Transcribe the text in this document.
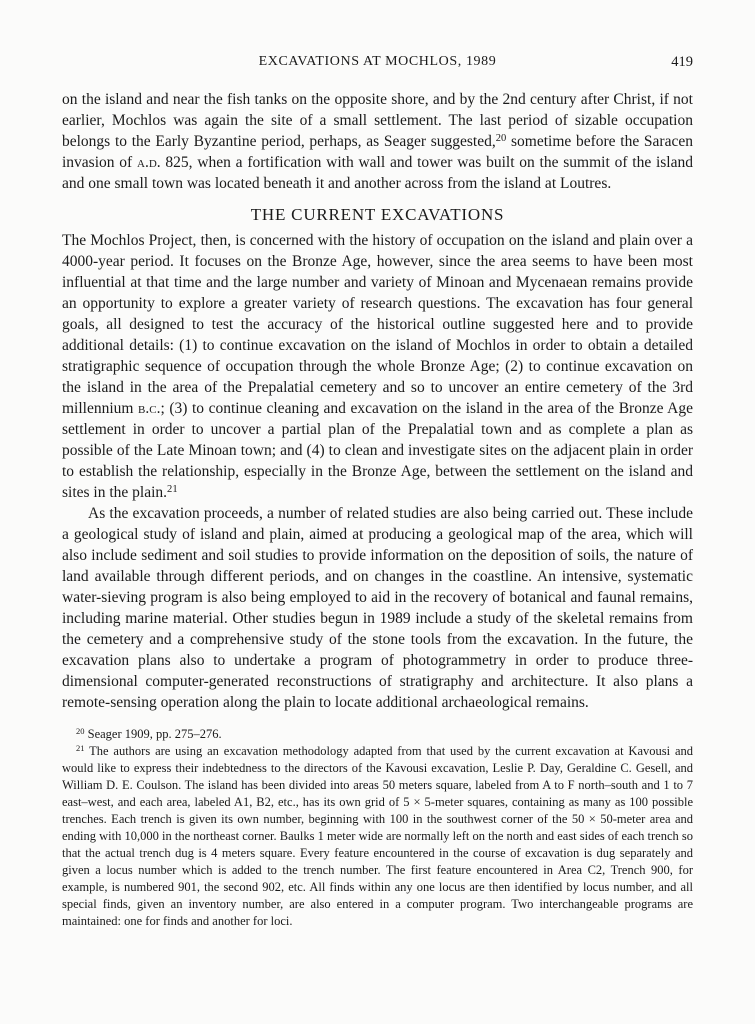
EXCAVATIONS AT MOCHLOS, 1989	419

on the island and near the fish tanks on the opposite shore, and by the 2nd century after Christ, if not earlier, Mochlos was again the site of a small settlement. The last period of sizable occupation belongs to the Early Byzantine period, perhaps, as Seager suggested,$^{20}$ sometime before the Saracen invasion of a.d. 825, when a fortification with wall and tower was built on the summit of the island and one small town was located beneath it and another across from the island at Loutres.

THE CURRENT EXCAVATIONS

The Mochlos Project, then, is concerned with the history of occupation on the island and plain over a 4000-year period. It focuses on the Bronze Age, however, since the area seems to have been most influential at that time and the large number and variety of Minoan and Mycenaean remains provide an opportunity to explore a greater variety of research questions. The excavation has four general goals, all designed to test the accuracy of the historical outline suggested here and to provide additional details: (1) to continue excavation on the island of Mochlos in order to obtain a detailed stratigraphic sequence of occupation through the whole Bronze Age; (2) to continue excavation on the island in the area of the Prepalatial cemetery and so to uncover an entire cemetery of the 3rd millennium b.c.; (3) to continue cleaning and excavation on the island in the area of the Bronze Age settlement in order to uncover a partial plan of the Prepalatial town and as complete a plan as possible of the Late Minoan town; and (4) to clean and investigate sites on the adjacent plain in order to establish the relationship, especially in the Bronze Age, between the settlement on the island and sites in the plain.$^{21}$

As the excavation proceeds, a number of related studies are also being carried out. These include a geological study of island and plain, aimed at producing a geological map of the area, which will also include sediment and soil studies to provide information on the deposition of soils, the nature of land available through different periods, and on changes in the coastline. An intensive, systematic water-sieving program is also being employed to aid in the recovery of botanical and faunal remains, including marine material. Other studies begun in 1989 include a study of the skeletal remains from the cemetery and a comprehensive study of the stone tools from the excavation. In the future, the excavation plans also to undertake a program of photogrammetry in order to produce three-dimensional computer-generated reconstructions of stratigraphy and architecture. It also plans a remote-sensing operation along the plain to locate additional archaeological remains.

$^{20}$ Seager 1909, pp. 275–276.

$^{21}$ The authors are using an excavation methodology adapted from that used by the current excavation at Kavousi and would like to express their indebtedness to the directors of the Kavousi excavation, Leslie P. Day, Geraldine C. Gesell, and William D. E. Coulson. The island has been divided into areas 50 meters square, labeled from A to F north–south and 1 to 7 east–west, and each area, labeled A1, B2, etc., has its own grid of 5 × 5-meter squares, containing as many as 100 possible trenches. Each trench is given its own number, beginning with 100 in the southwest corner of the 50 × 50-meter area and ending with 10,000 in the northeast corner. Baulks 1 meter wide are normally left on the north and east sides of each trench so that the actual trench dug is 4 meters square. Every feature encountered in the course of excavation is dug separately and given a locus number which is added to the trench number. The first feature encountered in Area C2, Trench 900, for example, is numbered 901, the second 902, etc. All finds within any one locus are then identified by locus number, and all special finds, given an inventory number, are also entered in a computer program. Two interchangeable programs are maintained: one for finds and another for loci.
